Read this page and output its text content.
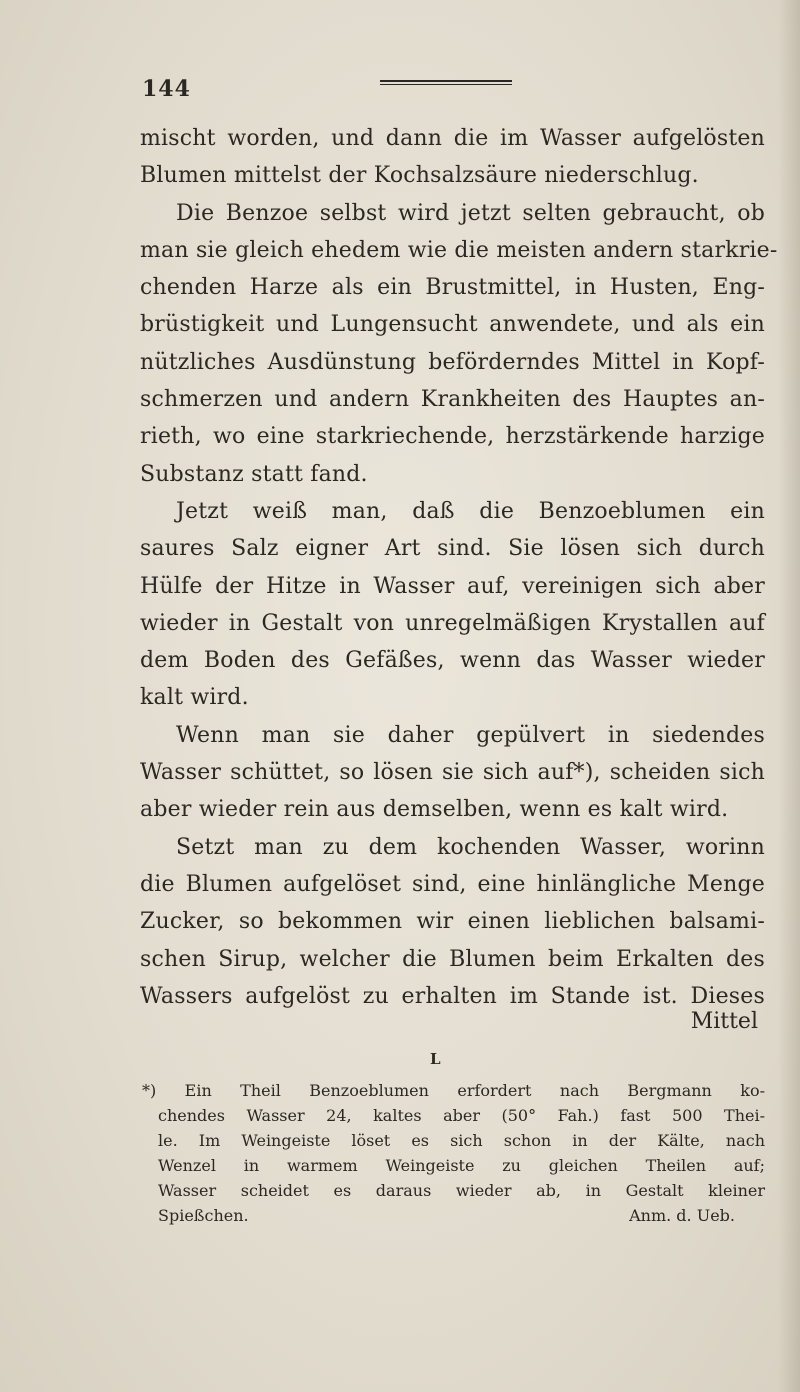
144
mischt worden, und dann die im Wasser aufgelösten
Blumen mittelst der Kochsalzsäure niederschlug.
Die Benzoe selbst wird jetzt selten gebraucht, ob
man sie gleich ehedem wie die meisten andern starkrie-
chenden Harze als ein Brustmittel, in Husten, Eng-
brüstigkeit und Lungensucht anwendete, und als ein
nützliches Ausdünstung beförderndes Mittel in Kopf-
schmerzen und andern Krankheiten des Hauptes an-
rieth, wo eine starkriechende, herzstärkende harzige
Substanz statt fand.
Jetzt weiß man, daß die Benzoeblumen ein
saures Salz eigner Art sind. Sie lösen sich durch
Hülfe der Hitze in Wasser auf, vereinigen sich aber
wieder in Gestalt von unregelmäßigen Krystallen auf
dem Boden des Gefäßes, wenn das Wasser wieder
kalt wird.
Wenn man sie daher gepülvert in siedendes
Wasser schüttet, so lösen sie sich auf*), scheiden sich
aber wieder rein aus demselben, wenn es kalt wird.
Setzt man zu dem kochenden Wasser, worinn
die Blumen aufgelöset sind, eine hinlängliche Menge
Zucker, so bekommen wir einen lieblichen balsami-
schen Sirup, welcher die Blumen beim Erkalten des
Wassers aufgelöst zu erhalten im Stande ist. Dieses
Mittel
L
*) Ein Theil Benzoeblumen erfordert nach Bergmann ko-
chendes Wasser 24, kaltes aber (50° Fah.) fast 500 Thei-
le. Im Weingeiste löset es sich schon in der Kälte, nach
Wenzel in warmem Weingeiste zu gleichen Theilen auf;
Wasser scheidet es daraus wieder ab, in Gestalt kleiner
Spießchen.	Anm. d. Ueb.
